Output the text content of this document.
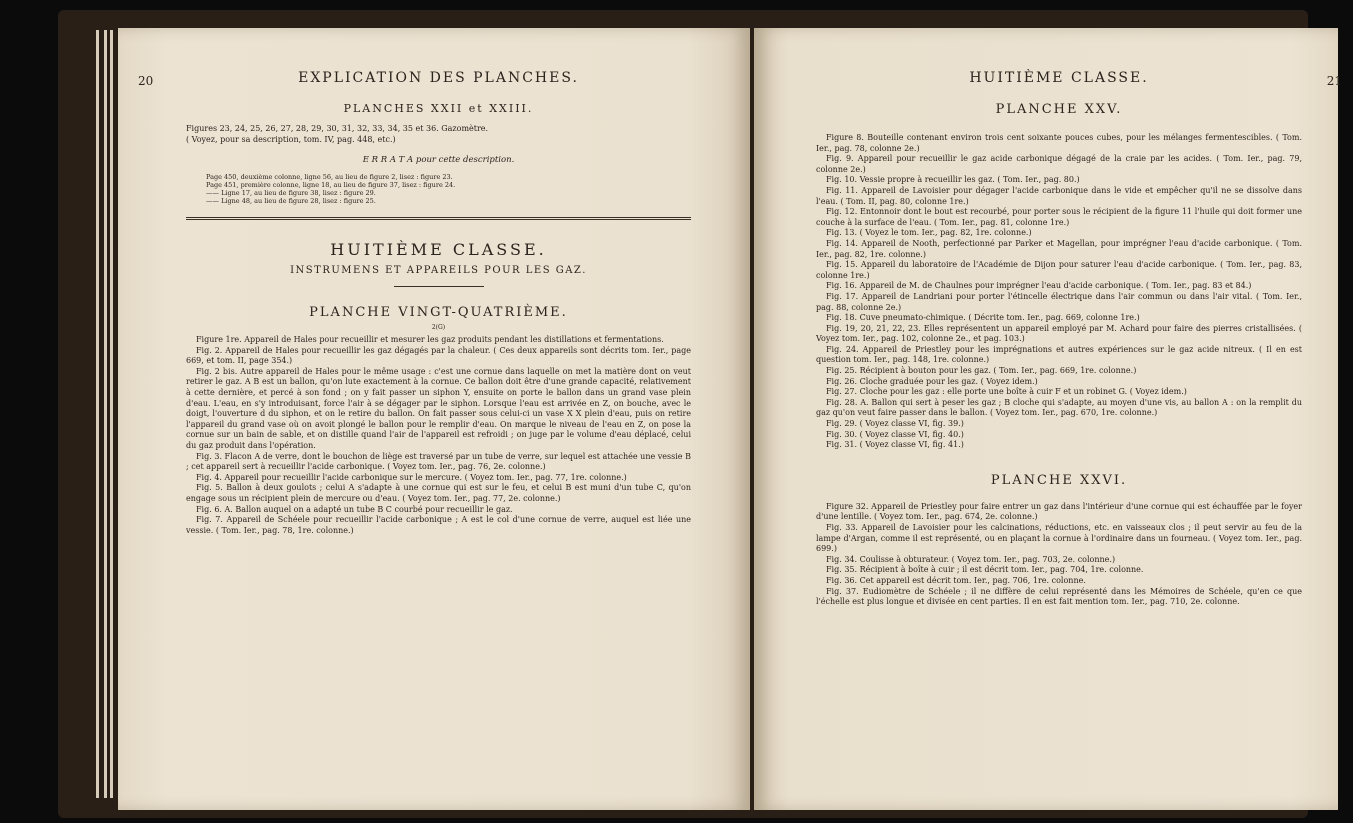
20	EXPLICATION DES PLANCHES.
PLANCHES XXII et XXIII.

Figures 23, 24, 25, 26, 27, 28, 29, 30, 31, 32, 33, 34, 35 et 36. Gazomètre.

( Voyez, pour sa description, tom. IV, pag. 448, etc.)

E R R A T A pour cette description.

Page 450, deuxième colonne, ligne 56, au lieu de figure 2, lisez : figure 23.

Page 451, première colonne, ligne 18, au lieu de figure 37, lisez : figure 24.

—— Ligne 17, au lieu de figure 38, lisez : figure 29.

—— Ligne 48, au lieu de figure 28, lisez : figure 25.

HUITIÈME CLASSE.
INSTRUMENS ET APPAREILS POUR LES GAZ.
PLANCHE VINGT-QUATRIÈME.
2(G)

Figure 1re. Appareil de Hales pour recueillir et mesurer les gaz produits pendant les distillations et fermentations.

Fig. 2. Appareil de Hales pour recueillir les gaz dégagés par la chaleur. ( Ces deux appareils sont décrits tom. Ier., page 669, et tom. II, page 354.)

Fig. 2 bis. Autre appareil de Hales pour le même usage : c'est une cornue dans laquelle on met la matière dont on veut retirer le gaz. A B est un ballon, qu'on lute exactement à la cornue. Ce ballon doit être d'une grande capacité, relativement à cette dernière, et percé à son fond ; on y fait passer un siphon Y, ensuite on porte le ballon dans un grand vase plein d'eau. L'eau, en s'y introduisant, force l'air à se dégager par le siphon. Lorsque l'eau est arrivée en Z, on bouche, avec le doigt, l'ouverture d du siphon, et on le retire du ballon. On fait passer sous celui-ci un vase X X plein d'eau, puis on retire l'appareil du grand vase où on avoit plongé le ballon pour le remplir d'eau. On marque le niveau de l'eau en Z, on pose la cornue sur un bain de sable, et on distille quand l'air de l'appareil est refroidi ; on juge par le volume d'eau déplacé, celui du gaz produit dans l'opération.

Fig. 3. Flacon A de verre, dont le bouchon de liège est traversé par un tube de verre, sur lequel est attachée une vessie B ; cet appareil sert à recueillir l'acide carbonique. ( Voyez tom. Ier., pag. 76, 2e. colonne.)

Fig. 4. Appareil pour recueillir l'acide carbonique sur le mercure. ( Voyez tom. Ier., pag. 77, 1re. colonne.)

Fig. 5. Ballon à deux goulots ; celui A s'adapte à une cornue qui est sur le feu, et celui B est muni d'un tube C, qu'on engage sous un récipient plein de mercure ou d'eau. ( Voyez tom. Ier., pag. 77, 2e. colonne.)

Fig. 6. A. Ballon auquel on a adapté un tube B C courbé pour recueillir le gaz.

Fig. 7. Appareil de Schéele pour recueillir l'acide carbonique ; A est le col d'une cornue de verre, auquel est liée une vessie. ( Tom. Ier., pag. 78, 1re. colonne.)

HUITIÈME CLASSE.	21
PLANCHE XXV.

Figure 8. Bouteille contenant environ trois cent soixante pouces cubes, pour les mélanges fermentescibles. ( Tom. Ier., pag. 78, colonne 2e.)

Fig. 9. Appareil pour recueillir le gaz acide carbonique dégagé de la craie par les acides. ( Tom. Ier., pag. 79, colonne 2e.)

Fig. 10. Vessie propre à recueillir les gaz. ( Tom. Ier., pag. 80.)

Fig. 11. Appareil de Lavoisier pour dégager l'acide carbonique dans le vide et empêcher qu'il ne se dissolve dans l'eau. ( Tom. II, pag. 80, colonne 1re.)

Fig. 12. Entonnoir dont le bout est recourbé, pour porter sous le récipient de la figure 11 l'huile qui doit former une couche à la surface de l'eau. ( Tom. Ier., pag. 81, colonne 1re.)

Fig. 13. ( Voyez le tom. Ier., pag. 82, 1re. colonne.)

Fig. 14. Appareil de Nooth, perfectionné par Parker et Magellan, pour imprégner l'eau d'acide carbonique. ( Tom. Ier., pag. 82, 1re. colonne.)

Fig. 15. Appareil du laboratoire de l'Académie de Dijon pour saturer l'eau d'acide carbonique. ( Tom. Ier., pag. 83, colonne 1re.)

Fig. 16. Appareil de M. de Chaulnes pour imprégner l'eau d'acide carbonique. ( Tom. Ier., pag. 83 et 84.)

Fig. 17. Appareil de Landriani pour porter l'étincelle électrique dans l'air commun ou dans l'air vital. ( Tom. Ier., pag. 88, colonne 2e.)

Fig. 18. Cuve pneumato-chimique. ( Décrite tom. Ier., pag. 669, colonne 1re.)

Fig. 19, 20, 21, 22, 23. Elles représentent un appareil employé par M. Achard pour faire des pierres cristallisées. ( Voyez tom. Ier., pag. 102, colonne 2e., et pag. 103.)

Fig. 24. Appareil de Priestley pour les imprégnations et autres expériences sur le gaz acide nitreux. ( Il en est question tom. Ier., pag. 148, 1re. colonne.)

Fig. 25. Récipient à bouton pour les gaz. ( Tom. Ier., pag. 669, 1re. colonne.)

Fig. 26. Cloche graduée pour les gaz. ( Voyez idem.)

Fig. 27. Cloche pour les gaz : elle porte une boîte à cuir F et un robinet G. ( Voyez idem.)

Fig. 28. A. Ballon qui sert à peser les gaz ; B cloche qui s'adapte, au moyen d'une vis, au ballon A : on la remplit du gaz qu'on veut faire passer dans le ballon. ( Voyez tom. Ier., pag. 670, 1re. colonne.)

Fig. 29. ( Voyez classe VI, fig. 39.)

Fig. 30. ( Voyez classe VI, fig. 40.)

Fig. 31. ( Voyez classe VI, fig. 41.)

PLANCHE XXVI.

Figure 32. Appareil de Priestley pour faire entrer un gaz dans l'intérieur d'une cornue qui est échauffée par le foyer d'une lentille. ( Voyez tom. Ier., pag. 674, 2e. colonne.)

Fig. 33. Appareil de Lavoisier pour les calcinations, réductions, etc. en vaisseaux clos ; il peut servir au feu de la lampe d'Argan, comme il est représenté, ou en plaçant la cornue à l'ordinaire dans un fourneau. ( Voyez tom. Ier., pag. 699.)

Fig. 34. Coulisse à obturateur. ( Voyez tom. Ier., pag. 703, 2e. colonne.)

Fig. 35. Récipient à boîte à cuir ; il est décrit tom. Ier., pag. 704, 1re. colonne.

Fig. 36. Cet appareil est décrit tom. Ier., pag. 706, 1re. colonne.

Fig. 37. Eudiomètre de Schéele ; il ne diffère de celui représenté dans les Mémoires de Schéele, qu'en ce que l'échelle est plus longue et divisée en cent parties. Il en est fait mention tom. Ier., pag. 710, 2e. colonne.
